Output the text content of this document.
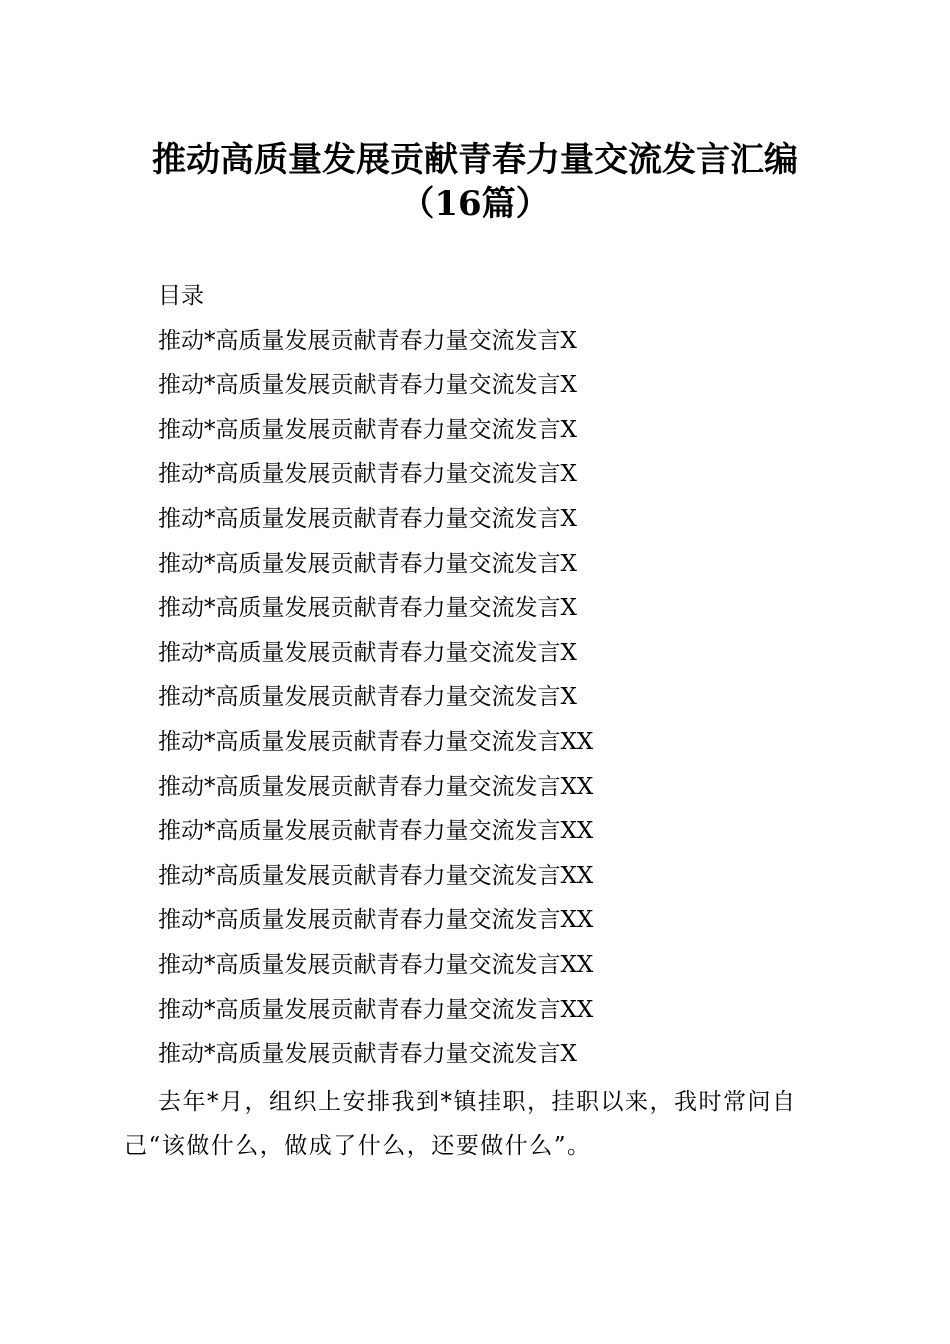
推动高质量发展贡献青春力量交流发言汇编
（16篇）
目录
推动*高质量发展贡献青春力量交流发言X
推动*高质量发展贡献青春力量交流发言X
推动*高质量发展贡献青春力量交流发言X
推动*高质量发展贡献青春力量交流发言X
推动*高质量发展贡献青春力量交流发言X
推动*高质量发展贡献青春力量交流发言X
推动*高质量发展贡献青春力量交流发言X
推动*高质量发展贡献青春力量交流发言X
推动*高质量发展贡献青春力量交流发言X
推动*高质量发展贡献青春力量交流发言XX
推动*高质量发展贡献青春力量交流发言XX
推动*高质量发展贡献青春力量交流发言XX
推动*高质量发展贡献青春力量交流发言XX
推动*高质量发展贡献青春力量交流发言XX
推动*高质量发展贡献青春力量交流发言XX
推动*高质量发展贡献青春力量交流发言XX
推动*高质量发展贡献青春力量交流发言X

去年*月，组织上安排我到*镇挂职，挂职以来，我时常问自己“该做什么，做成了什么，还要做什么”。
